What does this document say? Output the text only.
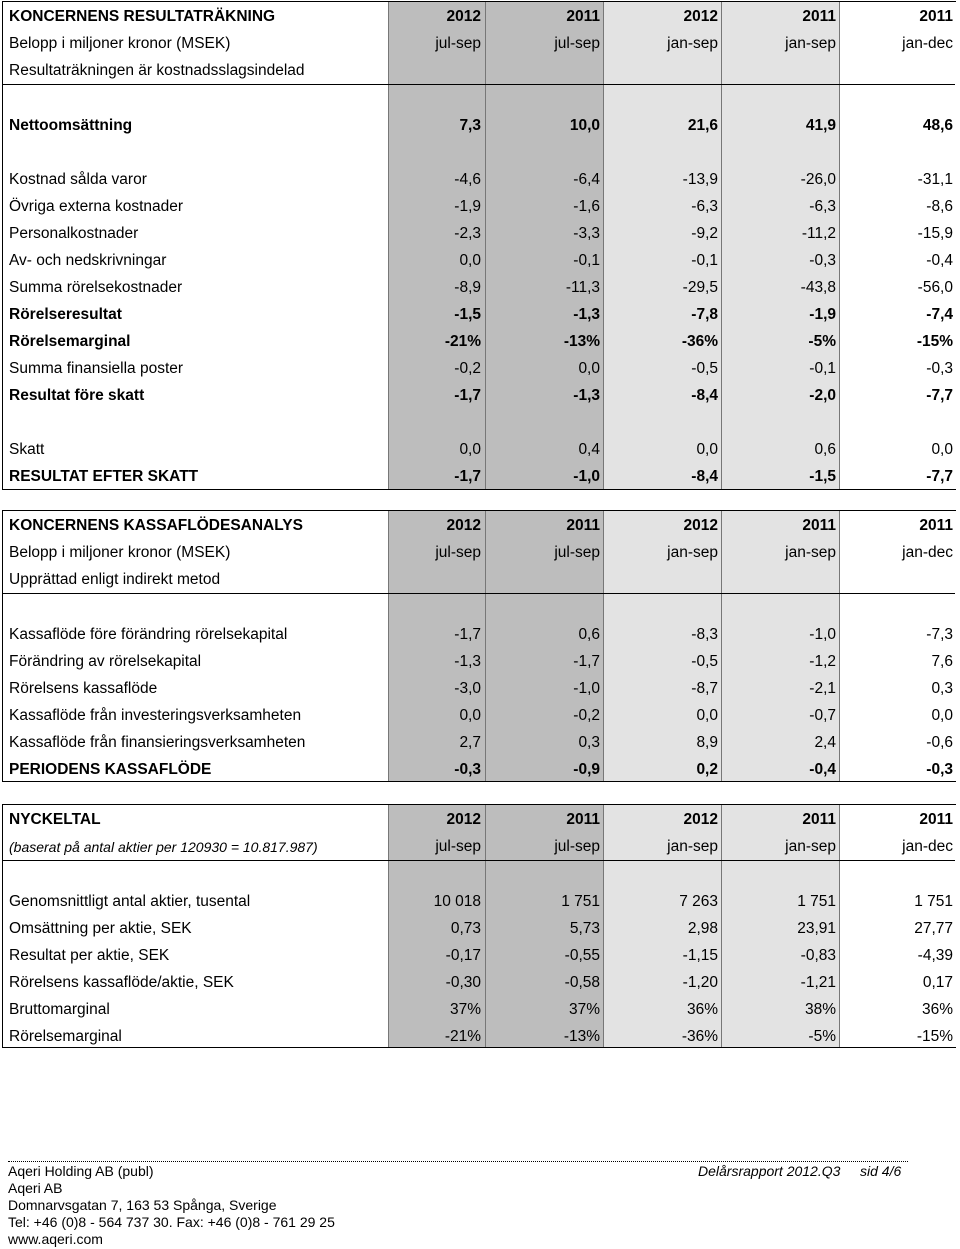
KONCERNENS RESULTATRÄKNING	2012	2011	2012	2011	2011
Belopp i miljoner kronor (MSEK)	jul-sep	jul-sep	jan-sep	jan-sep	jan-dec
Resultaträkningen är kostnadsslagsindelad
Nettoomsättning	7,3	10,0	21,6	41,9	48,6
Kostnad sålda varor	-4,6	-6,4	-13,9	-26,0	-31,1
Övriga externa kostnader	-1,9	-1,6	-6,3	-6,3	-8,6
Personalkostnader	-2,3	-3,3	-9,2	-11,2	-15,9
Av- och nedskrivningar	0,0	-0,1	-0,1	-0,3	-0,4
Summa rörelsekostnader	-8,9	-11,3	-29,5	-43,8	-56,0
Rörelseresultat	-1,5	-1,3	-7,8	-1,9	-7,4
Rörelsemarginal	-21%	-13%	-36%	-5%	-15%
Summa finansiella poster	-0,2	0,0	-0,5	-0,1	-0,3
Resultat före skatt	-1,7	-1,3	-8,4	-2,0	-7,7
Skatt	0,0	0,4	0,0	0,6	0,0
RESULTAT EFTER SKATT	-1,7	-1,0	-8,4	-1,5	-7,7
KONCERNENS KASSAFLÖDESANALYS	2012	2011	2012	2011	2011
Belopp i miljoner kronor (MSEK)	jul-sep	jul-sep	jan-sep	jan-sep	jan-dec
Upprättad enligt indirekt metod
Kassaflöde före förändring rörelsekapital	-1,7	0,6	-8,3	-1,0	-7,3
Förändring av rörelsekapital	-1,3	-1,7	-0,5	-1,2	7,6
Rörelsens kassaflöde	-3,0	-1,0	-8,7	-2,1	0,3
Kassaflöde från investeringsverksamheten	0,0	-0,2	0,0	-0,7	0,0
Kassaflöde från finansieringsverksamheten	2,7	0,3	8,9	2,4	-0,6
PERIODENS KASSAFLÖDE	-0,3	-0,9	0,2	-0,4	-0,3
NYCKELTAL	2012	2011	2012	2011	2011
(baserat på antal aktier per 120930 = 10.817.987)	jul-sep	jul-sep	jan-sep	jan-sep	jan-dec
Genomsnittligt antal aktier, tusental	10 018	1 751	7 263	1 751	1 751
Omsättning per aktie, SEK	0,73	5,73	2,98	23,91	27,77
Resultat per aktie, SEK	-0,17	-0,55	-1,15	-0,83	-4,39
Rörelsens kassaflöde/aktie, SEK	-0,30	-0,58	-1,20	-1,21	0,17
Bruttomarginal	37%	37%	36%	38%	36%
Rörelsemarginal	-21%	-13%	-36%	-5%	-15%
Aqeri Holding AB (publ)	Delårsrapport 2012.Q3 sid 4/6
Aqeri AB
Domnarvsgatan 7, 163 53 Spånga, Sverige
Tel: +46 (0)8 - 564 737 30. Fax: +46 (0)8 - 761 29 25
www.aqeri.com
